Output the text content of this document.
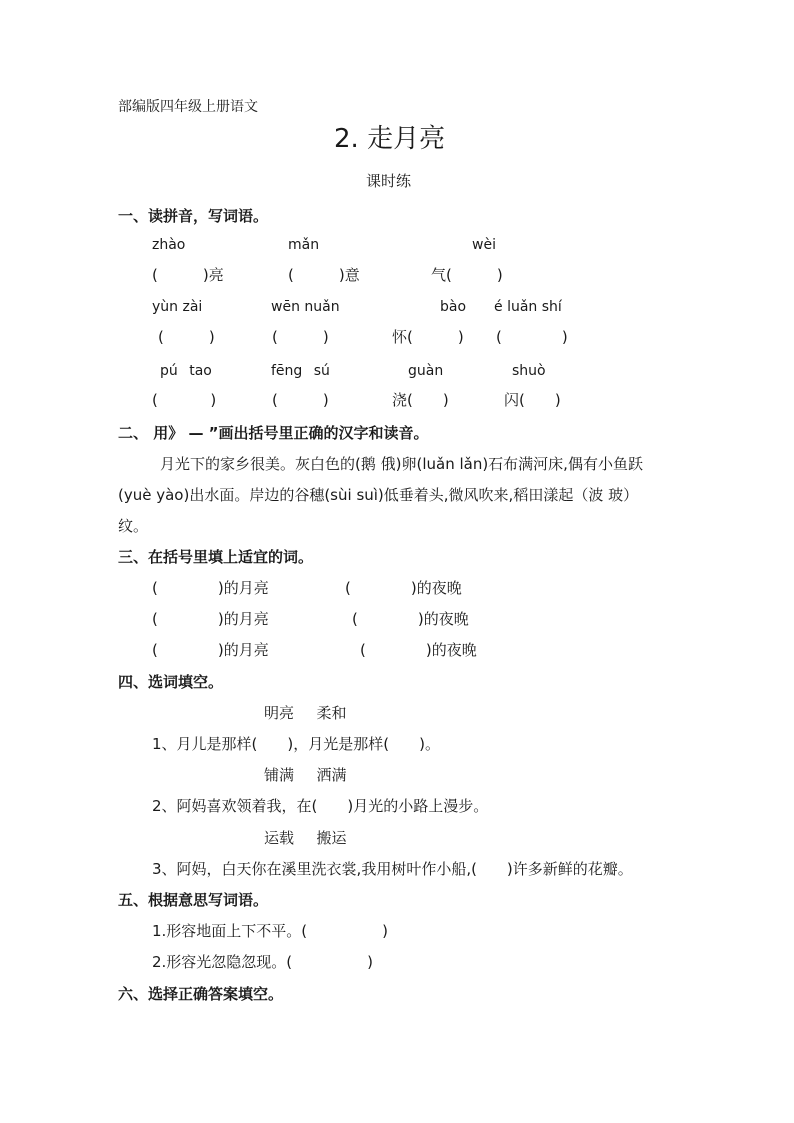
部编版四年级上册语文
2. 走月亮
课时练
一、读拼音，写词语。
zhào	mǎn	wèi
(　　　)亮	(　　　)意	气(　　　)
yùn zài	wēn nuǎn	bào　　é luǎn shí
(　　　)	(　　　)	怀(　　　) (　　　　)
pú  tao	fēng  sú	guàn	shuò
(　　　 )	(　　　)	浇(　　)	闪(　　)
二、 用》 — ”画出括号里正确的汉字和读音。
月光下的家乡很美。灰白色的(鹅 俄)卵(luǎn lǎn)石布满河床,偶有小鱼跃
(yuè yào)出水面。岸边的谷穗(sùi suì)低垂着头,微风吹来,稻田漾起（波 玻）
纹。
三、在括号里填上适宜的词。
(　　　　)的月亮	(　　　　)的夜晚
(　　　　)的月亮	(　　　　)的夜晚
(　　　　)的月亮	(　　　　)的夜晚
四、选词填空。
明亮　 柔和
1、月儿是那样(　　)，月光是那样(　　)。
铺满　 洒满
2、阿妈喜欢领着我，在(　　)月光的小路上漫步。
运载　 搬运
3、阿妈，白天你在溪里洗衣裳,我用树叶作小船,(　　)许多新鲜的花瓣。
五、根据意思写词语。
1.形容地面上下不平。(　　　　　)
2.形容光忽隐忽现。(　　　　　)
六、选择正确答案填空。
